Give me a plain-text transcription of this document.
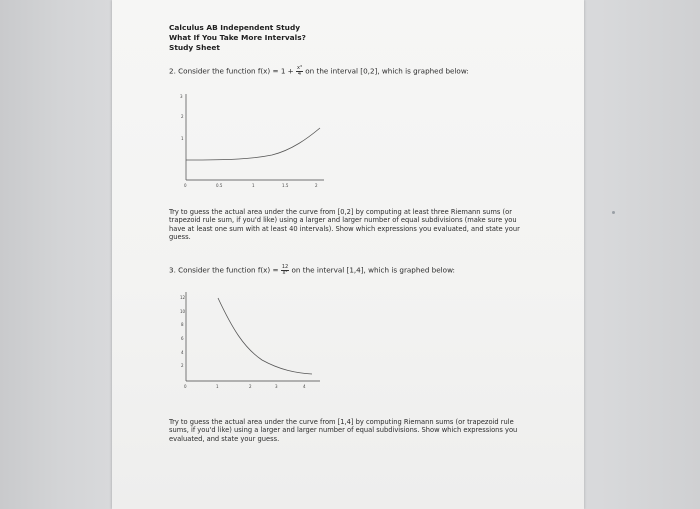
Calculus AB Independent Study
What If You Take More Intervals?
Study Sheet
2. Consider the function $f(x) = 1 + \frac{\text{x³}}{4}$ on the interval [0,2], which is graphed below:
3
2
1
0	0.5	1	1.5	2
Try to guess the actual area under the curve from [0,2] by computing at least three Riemann sums (or trapezoid rule sum, if you'd like) using a larger and larger number of equal subdivisions (make sure you have at least one sum with at least 40 intervals). Show which expressions you evaluated, and state your guess.
3. Consider the function $f(x) = \frac{12}{\text{x²}}$ on the interval [1,4], which is graphed below:
12
10
8
6
4
2
0	1	2	3	4
Try to guess the actual area under the curve from [1,4] by computing Riemann sums (or trapezoid rule sums, if you'd like) using a larger and larger number of equal subdivisions. Show which expressions you evaluated, and state your guess.
